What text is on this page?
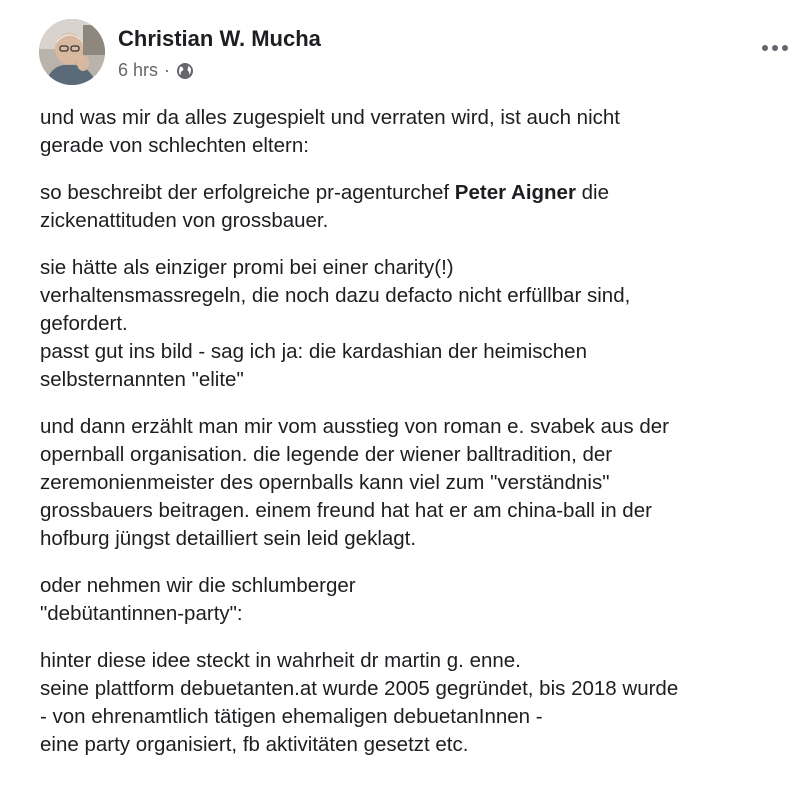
Christian W. Mucha
6 hrs ·

und was mir da alles zugespielt und verraten wird, ist auch nicht
gerade von schlechten eltern:

so beschreibt der erfolgreiche pr-agenturchef Peter Aigner die
zickenattituden von grossbauer.

sie hätte als einziger promi bei einer charity(!)
verhaltensmassregeln, die noch dazu defacto nicht erfüllbar sind,
gefordert.
passt gut ins bild - sag ich ja: die kardashian der heimischen
selbsternannten "elite"

und dann erzählt man mir vom ausstieg von roman e. svabek aus der
opernball organisation. die legende der wiener balltradition, der
zeremonienmeister des opernballs kann viel zum "verständnis"
grossbauers beitragen. einem freund hat hat er am china-ball in der
hofburg jüngst detailliert sein leid geklagt.

oder nehmen wir die schlumberger
"debütantinnen-party":

hinter diese idee steckt in wahrheit dr martin g. enne.
seine plattform debuetanten.at wurde 2005 gegründet, bis 2018 wurde
- von ehrenamtlich tätigen ehemaligen debuetanInnen -
eine party organisiert, fb aktivitäten gesetzt etc.
